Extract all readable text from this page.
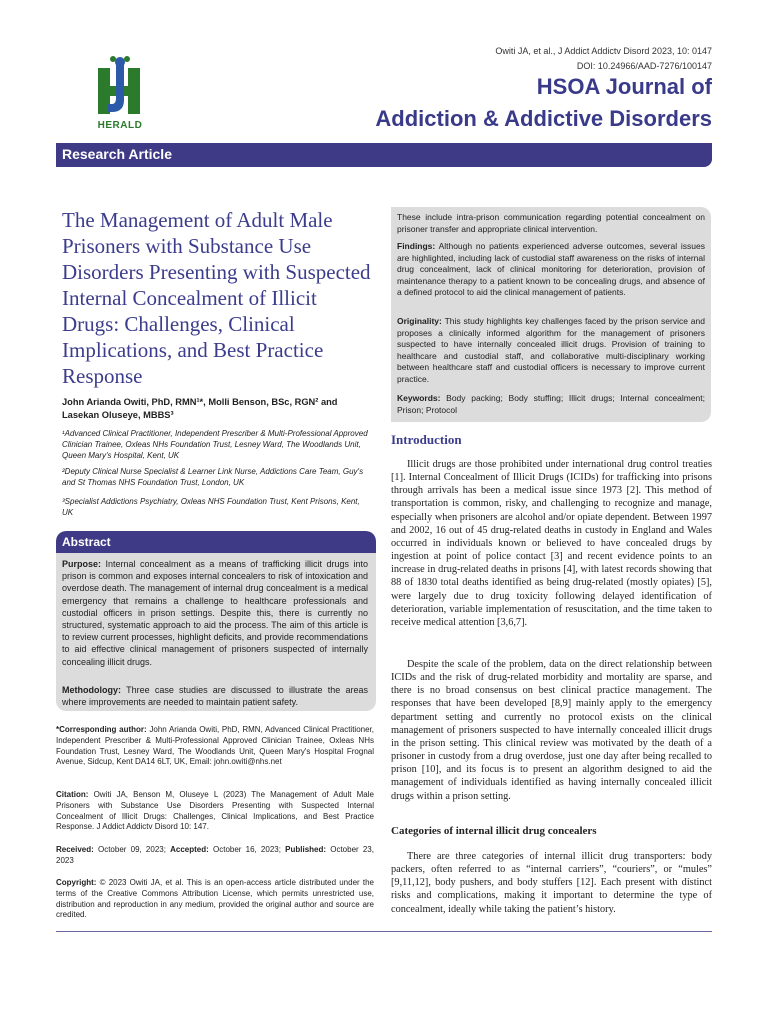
HERALD
Owiti JA, et al., J Addict Addictv Disord 2023, 10: 0147
DOI: 10.24966/AAD-7276/100147
HSOA Journal of
Addiction & Addictive Disorders
Research Article
The Management of Adult Male Prisoners with Substance Use Disorders Presenting with Suspected Internal Concealment of Illicit Drugs: Challenges, Clinical Implications, and Best Practice Response
John Arianda Owiti, PhD, RMN¹*, Molli Benson, BSc, RGN² and Lasekan Oluseye, MBBS³
¹Advanced Clinical Practitioner, Independent Prescriber & Multi-Professional Approved Clinician Trainee, Oxleas NHs Foundation Trust, Lesney Ward, The Woodlands Unit, Queen Mary's Hospital, Kent, UK
²Deputy Clinical Nurse Specialist & Learner Link Nurse, Addictions Care Team, Guy's and St Thomas NHS Foundation Trust, London, UK
³Specialist Addictions Psychiatry, Oxleas NHS Foundation Trust, Kent Prisons, Kent, UK
Abstract
Purpose: Internal concealment as a means of trafficking illicit drugs into prison is common and exposes internal concealers to risk of intoxication and overdose death. The management of internal drug concealment is a medical emergency that remains a challenge to healthcare professionals and custodial officers in prison settings. Despite this, there is currently no structured, systematic approach to aid the process. The aim of this article is to review current processes, highlight deficits, and provide recommendations to aid effective clinical management of prisoners suspected of internally concealing illicit drugs.
Methodology: Three case studies are discussed to illustrate the areas where improvements are needed to maintain patient safety.
*Corresponding author: John Arianda Owiti, PhD, RMN, Advanced Clinical Practitioner, Independent Prescriber & Multi-Professional Approved Clinician Trainee, Oxleas NHs Foundation Trust, Lesney Ward, The Woodlands Unit, Queen Mary's Hospital Frognal Avenue, Sidcup, Kent DA14 6LT, UK, Email: john.owiti@nhs.net
Citation: Owiti JA, Benson M, Oluseye L (2023) The Management of Adult Male Prisoners with Substance Use Disorders Presenting with Suspected Internal Concealment of Illicit Drugs: Challenges, Clinical Implications, and Best Practice Response. J Addict Addictv Disord 10: 147.
Received: October 09, 2023; Accepted: October 16, 2023; Published: October 23, 2023
Copyright: © 2023 Owiti JA, et al. This is an open-access article distributed under the terms of the Creative Commons Attribution License, which permits unrestricted use, distribution and reproduction in any medium, provided the original author and source are credited.
These include intra-prison communication regarding potential concealment on prisoner transfer and appropriate clinical intervention.
Findings: Although no patients experienced adverse outcomes, several issues are highlighted, including lack of custodial staff awareness on the risks of internal drug concealment, lack of clinical monitoring for deterioration, provision of maintenance therapy to a patient known to be concealing drugs, and absence of a defined protocol to aid the clinical management of patients.
Originality: This study highlights key challenges faced by the prison service and proposes a clinically informed algorithm for the management of prisoners suspected to have internally concealed illicit drugs. Provision of training to healthcare and custodial staff, and collaborative multi-disciplinary working between healthcare staff and custodial officers is necessary to improve current practice.
Keywords: Body packing; Body stuffing; Illicit drugs; Internal concealment; Prison; Protocol
Introduction
Illicit drugs are those prohibited under international drug control treaties [1]. Internal Concealment of Illicit Drugs (ICIDs) for trafficking into prisons through arrivals has been a medical issue since 1973 [2]. This method of transportation is common, risky, and challenging to recognize and manage, especially when prisoners are alcohol and/or opiate dependent. Between 1997 and 2002, 16 out of 45 drug-related deaths in custody in England and Wales occurred in individuals known or believed to have concealed drugs by ingestion at point of police contact [3] and recent evidence points to an increase in drug-related deaths in prisons [4], with latest records showing that 88 of 1830 total deaths identified as being drug-related (mostly opiates) [5], were largely due to drug toxicity following delayed identification of deterioration, variable implementation of resuscitation, and the time taken to receive medical attention [3,6,7].
Despite the scale of the problem, data on the direct relationship between ICIDs and the risk of drug-related morbidity and mortality are sparse, and there is no broad consensus on best clinical practice management. The responses that have been developed [8,9] mainly apply to the emergency department setting and currently no protocol exists on the clinical management of prisoners suspected to have internally concealed illicit drugs in the prison setting. This clinical review was motivated by the death of a prisoner in custody from a drug overdose, just one day after being recalled to prison [10], and its focus is to present an algorithm designed to aid the management of individuals identified as having internally concealed illicit drugs within a prison setting.
Categories of internal illicit drug concealers
There are three categories of internal illicit drug transporters: body packers, often referred to as “internal carriers”, “couriers”, or “mules” [9,11,12], body pushers, and body stuffers [12]. Each present with distinct risks and complications, making it important to determine the type of concealment, ideally while taking the patient’s history.
